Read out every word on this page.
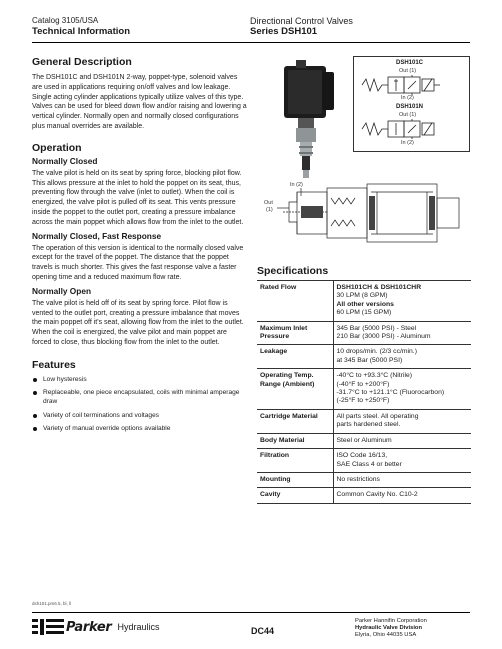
Catalog 3105/USA
Technical Information
Directional Control Valves
Series DSH101
General Description

The DSH101C and DSH101N 2-way, poppet-type, solenoid valves are used in applications requiring on/off valves and low leakage. Single acting cylinder applications typically utilize valves of this type. Valves can be used for bleed down flow and/or raising and lowering a vertical cylinder. Normally open and normally closed configurations plus manual overrides are available.

Operation
Normally Closed

The valve pilot is held on its seat by spring force, blocking pilot flow. This allows pressure at the inlet to hold the poppet on its seat, thus, preventing flow through the valve (inlet to outlet). When the coil is energized, the valve pilot is pulled off its seat. This vents pressure inside the poppet to the outlet port, creating a pressure imbalance across the main poppet which allows flow from the inlet to the outlet.

Normally Closed, Fast Response

The operation of this version is identical to the normally closed valve except for the travel of the poppet. The distance that the poppet travels is much shorter. This gives the fast response valve a faster opening time and a reduced maximum flow rate.

Normally Open

The valve pilot is held off of its seat by spring force. Pilot flow is vented to the outlet port, creating a pressure imbalance that moves the main poppet off it's seat, allowing flow from the inlet to the outlet. When the coil is energized, the valve pilot and main poppet are forced to close, thus blocking flow from the inlet to the outlet.

Features
Low hysteresis
Replaceable, one piece encapsulated, coils with minimal amperage draw
Variety of coil terminations and voltages
Variety of manual override options available
DSH101C
Out (1)
In (2)
DSH101N
Out (1)
In (2)
In (2)
Out
(1)
Specifications
Rated Flow	DSH101CH & DSH101CHR
30 LPM (8 GPM)
All other versions
60 LPM (15 GPM)

Maximum Inlet
Pressure	345 Bar (5000 PSI) - Steel
210 Bar (3000 PSI) - Aluminum

Leakage	10 drops/min. (2/3 cc/min.)
at 345 Bar (5000 PSI)

Operating Temp.
Range (Ambient)	-40°C to +93.3°C (Nitrile)
(-40°F to +200°F)
-31.7°C to +121.1°C (Fluorocarbon)
(-25°F to +250°F)

Cartridge Material	All parts steel. All operating
parts hardened steel.

Body Material	Steel or Aluminum

Filtration	ISO Code 16/13,
SAE Class 4 or better

Mounting	No restrictions

Cavity	Common Cavity No. C10-2
dsh101.pm6.5, bl, ll
Parker Hydraulics	DC44
Parker Hannifin Corporation
Hydraulic Valve Division
Elyria, Ohio 44035 USA
